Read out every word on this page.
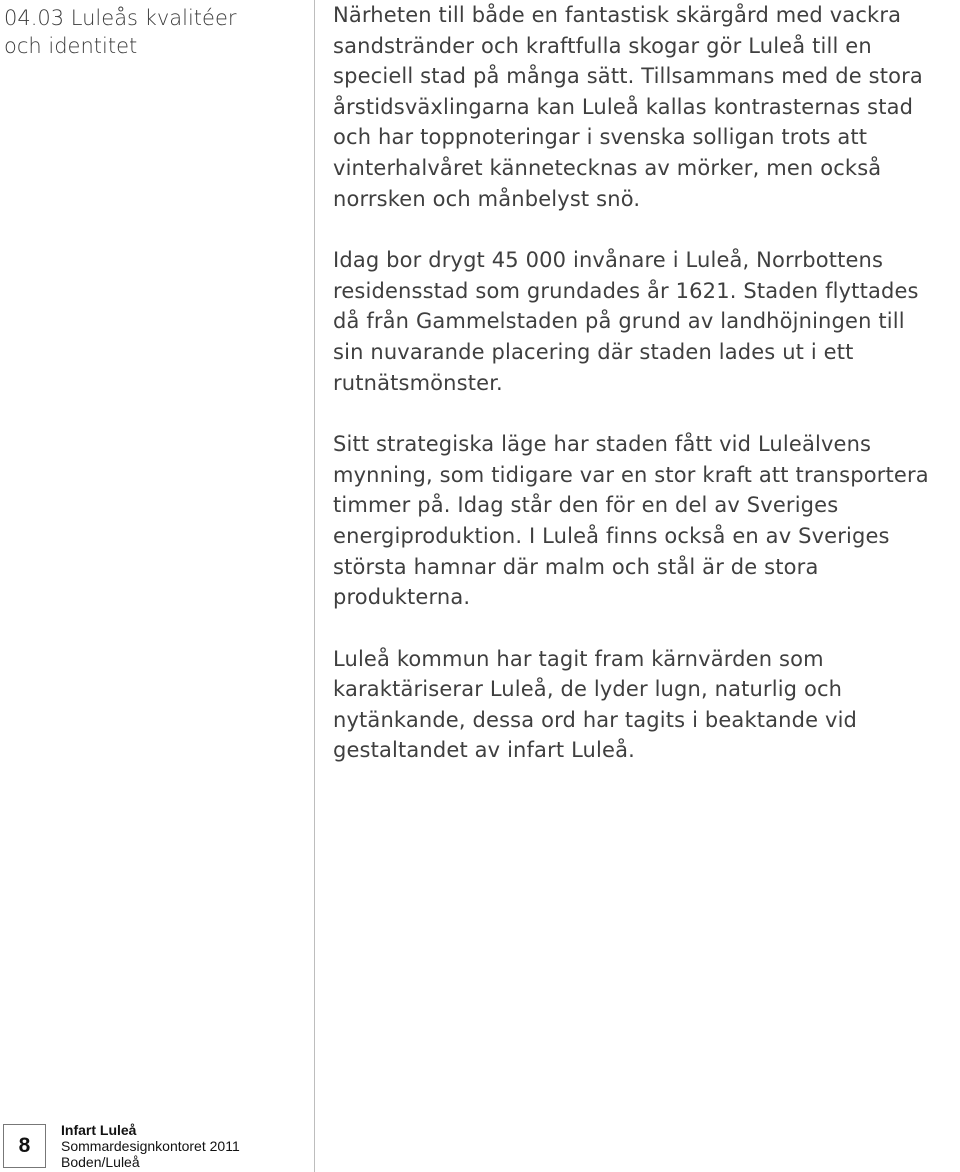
04.03 Luleås kvalitéer
och identitet

Närheten till både en fantastisk skärgård med vackra
sandstränder och kraftfulla skogar gör Luleå till en
speciell stad på många sätt. Tillsammans med de stora
årstidsväxlingarna kan Luleå kallas kontrasternas stad
och har toppnoteringar i svenska solligan trots att
vinterhalvåret kännetecknas av mörker, men också
norrsken och månbelyst snö.

Idag bor drygt 45 000 invånare i Luleå, Norrbottens
residensstad som grundades år 1621. Staden flyttades
då från Gammelstaden på grund av landhöjningen till
sin nuvarande placering där staden lades ut i ett
rutnätsmönster.

Sitt strategiska läge har staden fått vid Luleälvens
mynning, som tidigare var en stor kraft att transportera
timmer på. Idag står den för en del av Sveriges
energiproduktion. I Luleå finns också en av Sveriges
största hamnar där malm och stål är de stora
produkterna.

Luleå kommun har tagit fram kärnvärden som
karaktäriserar Luleå, de lyder lugn, naturlig och
nytänkande, dessa ord har tagits i beaktande vid
gestaltandet av infart Luleå.

8
Infart Luleå
Sommardesignkontoret 2011
Boden/Luleå
